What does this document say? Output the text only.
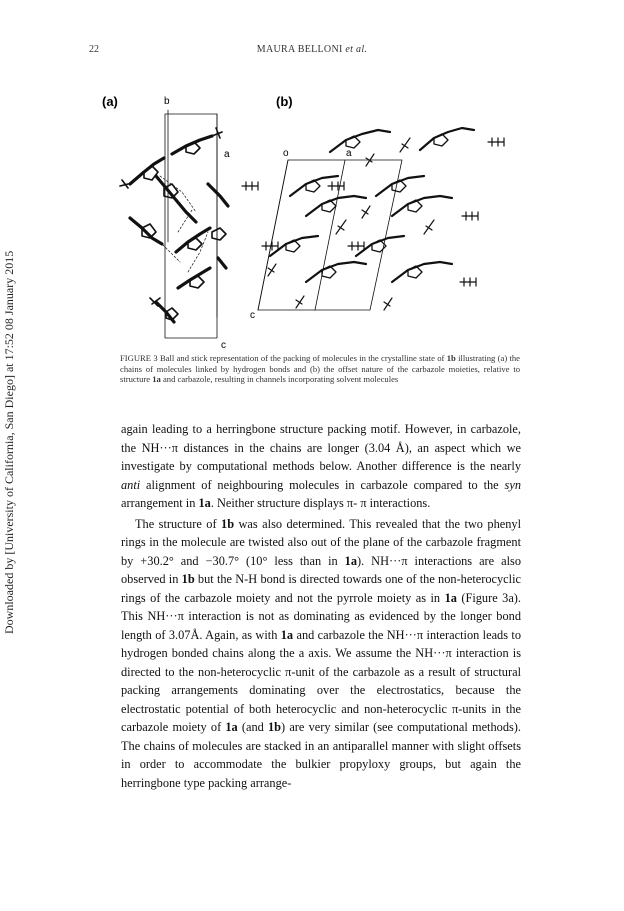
22	MAURA BELLONI et al.
Downloaded by [University of California, San Diego] at 17:52 08 January 2015
(a)	(b)
b
a
c
o	a
c
FIGURE 3 Ball and stick representation of the packing of molecules in the crystalline state of 1b illustrating (a) the chains of molecules linked by hydrogen bonds and (b) the offset nature of the carbazole moieties, relative to structure 1a and carbazole, resulting in channels incorporating solvent molecules

again leading to a herringbone structure packing motif. However, in carbazole, the NH···π distances in the chains are longer (3.04 Å), an aspect which we investigate by computational methods below. Another difference is the nearly anti alignment of neighbouring molecules in carbazole compared to the syn arrangement in 1a. Neither structure displays π- π interactions.

The structure of 1b was also determined. This revealed that the two phenyl rings in the molecule are twisted also out of the plane of the carbazole fragment by +30.2° and −30.7° (10° less than in 1a). NH···π interactions are also observed in 1b but the N-H bond is directed towards one of the non-heterocyclic rings of the carbazole moiety and not the pyrrole moiety as in 1a (Figure 3a). This NH···π interaction is not as dominating as evidenced by the longer bond length of 3.07Å. Again, as with 1a and carbazole the NH···π interaction leads to hydrogen bonded chains along the a axis. We assume the NH···π interaction is directed to the non-heterocyclic π-unit of the carbazole as a result of structural packing arrangements dominating over the electrostatics, because the electrostatic potential of both heterocyclic and non-heterocyclic π-units in the carbazole moiety of 1a (and 1b) are very similar (see computational methods). The chains of molecules are stacked in an antiparallel manner with slight offsets in order to accommodate the bulkier propyloxy groups, but again the herringbone type packing arrange-
